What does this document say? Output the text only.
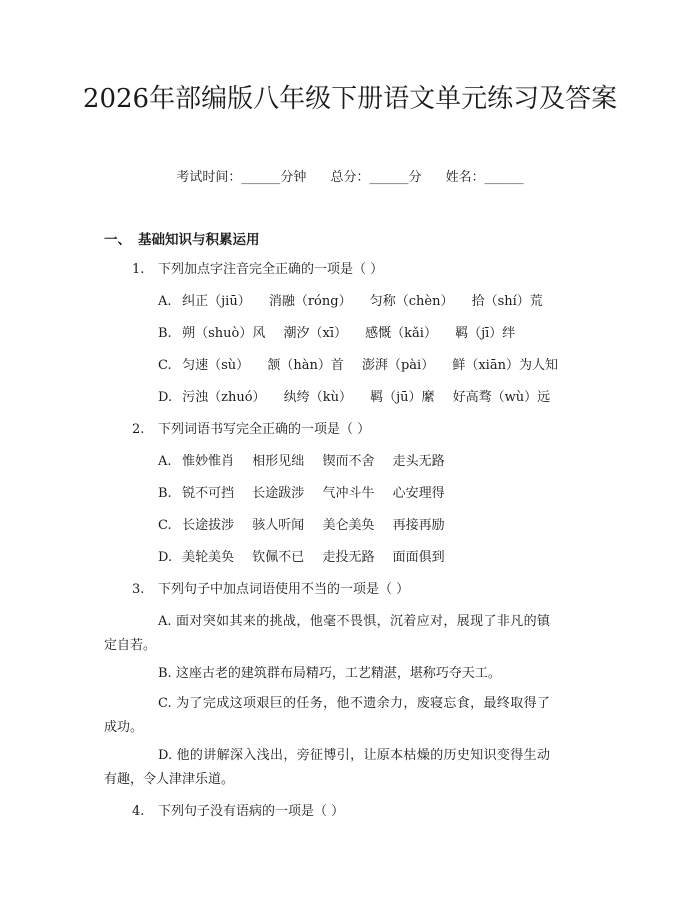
2026年部编版八年级下册语文单元练习及答案
考试时间：______分钟 总分：______分 姓名：______
一、 基础知识与积累运用
1. 下列加点字注音完全正确的一项是（ ）
A. 纠正（jiū） 消融（róng） 匀称（chèn） 拾（shí）荒
B. 朔（shuò）风 潮汐（xī） 感慨（kǎi） 羁（jī）绊
C. 匀速（sù） 颔（hàn）首 澎湃（pài） 鲜（xiān）为人知
D. 污浊（zhuó） 纨绔（kù） 羁（jū）縻 好高骛（wù）远
2. 下列词语书写完全正确的一项是（ ）
A. 惟妙惟肖 相形见绌 锲而不舍 走头无路
B. 锐不可挡 长途跋涉 气冲斗牛 心安理得
C. 长途拔涉 骇人听闻 美仑美奂 再接再励
D. 美轮美奂 钦佩不已 走投无路 面面俱到
3. 下列句子中加点词语使用不当的一项是（ ）
A. 面对突如其来的挑战，他毫不畏惧，沉着应对，展现了非凡的镇定自若。
B. 这座古老的建筑群布局精巧，工艺精湛，堪称巧夺天工。
C. 为了完成这项艰巨的任务，他不遗余力，废寝忘食，最终取得了成功。
D. 他的讲解深入浅出，旁征博引，让原本枯燥的历史知识变得生动有趣，令人津津乐道。
4. 下列句子没有语病的一项是（ ）
